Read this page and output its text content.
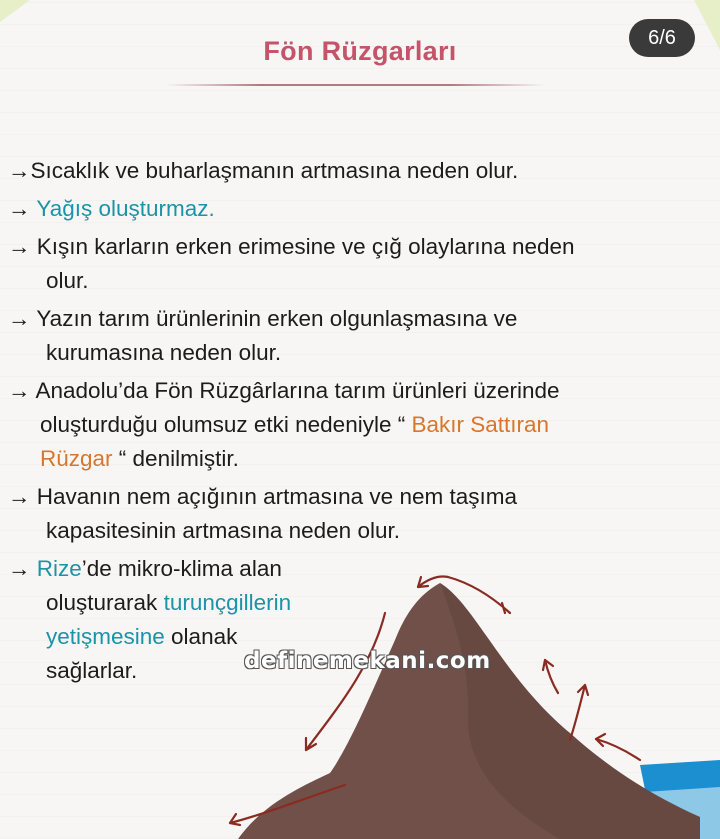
Fön Rüzgarları	6/6
→Sıcaklık ve buharlaşmanın artmasına neden olur.
→ Yağış oluşturmaz.
→ Kışın karların erken erimesine ve çığ olaylarına neden
olur.
→ Yazın tarım ürünlerinin erken olgunlaşmasına ve
kurumasına neden olur.
→ Anadolu’da Fön Rüzgârlarına tarım ürünleri üzerinde
oluşturduğu olumsuz etki nedeniyle “ Bakır Sattıran
Rüzgar “ denilmiştir.
→ Havanın nem açığının artmasına ve nem taşıma
kapasitesinin artmasına neden olur.
→ Rize’de mikro-klima alan
oluşturarak turunçgillerin
yetişmesine olanak
sağlarlar.	definemekani.com
